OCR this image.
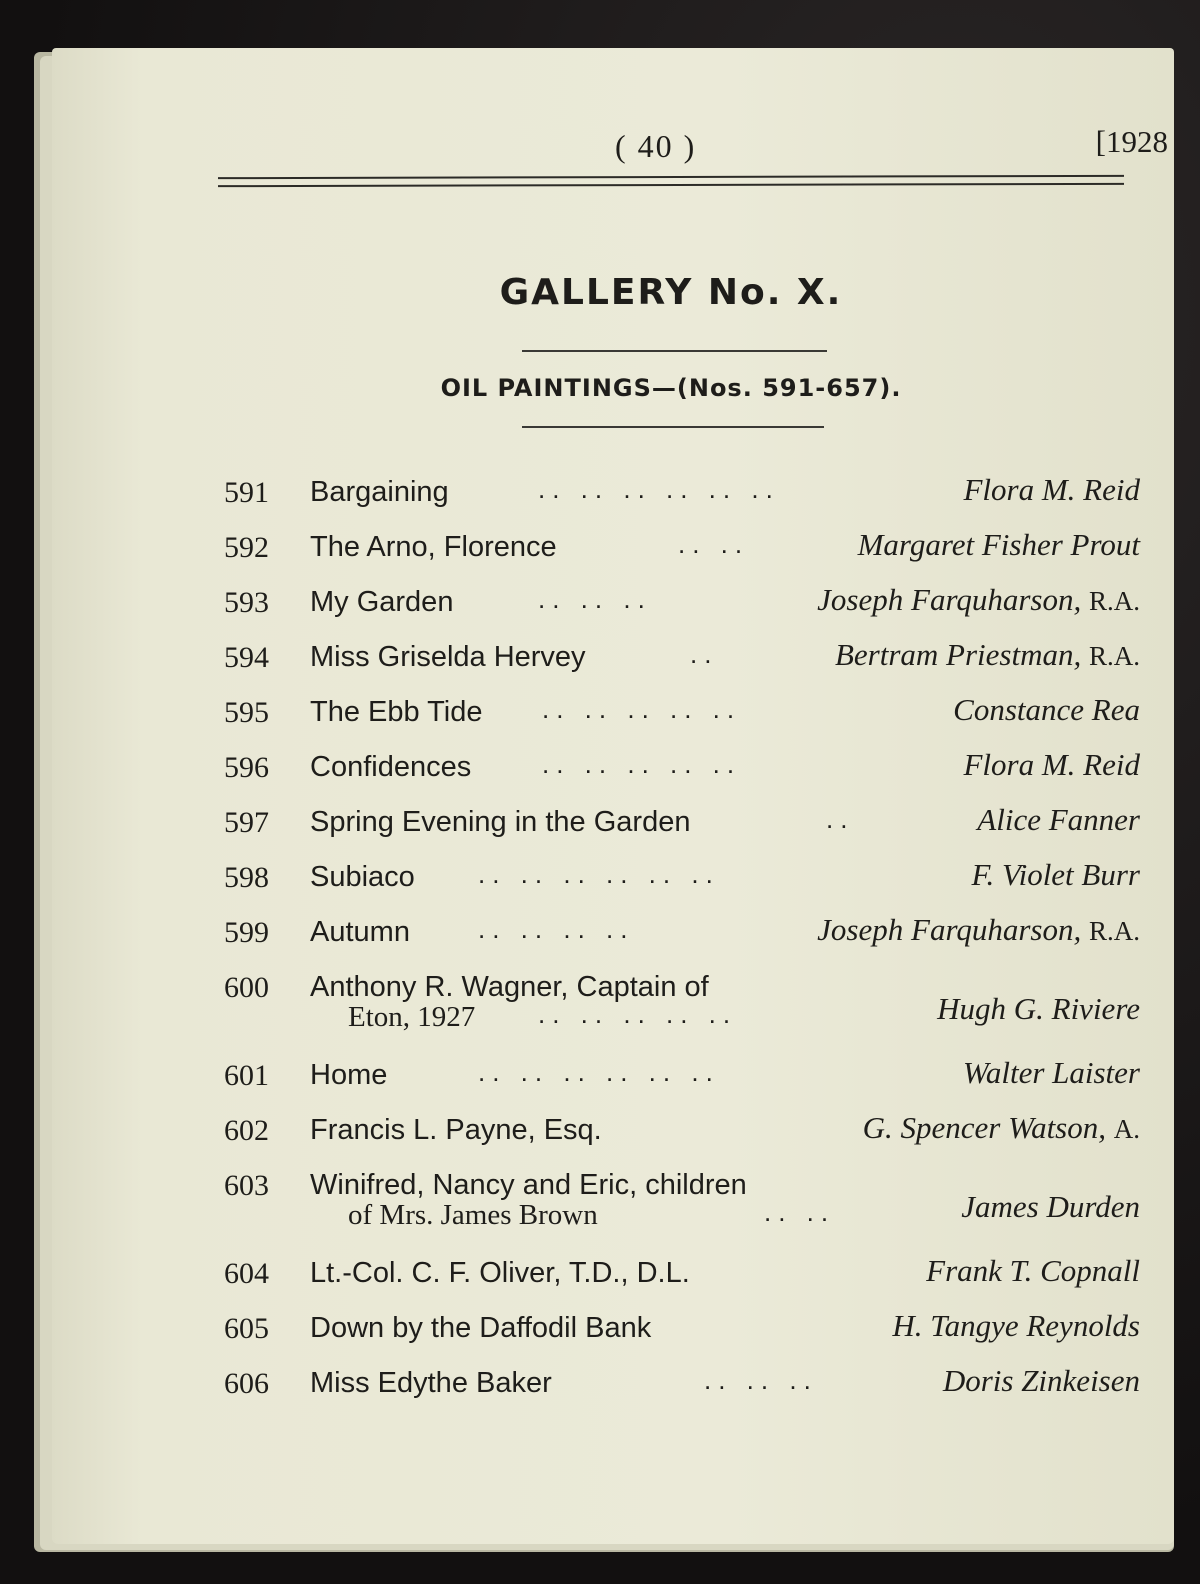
( 40 )	[1928
GALLERY No. X.
OIL PAINTINGS—(Nos. 591-657).
591 Bargaining	.. .. .. .. .. ..	Flora M. Reid
592 The Arno, Florence	.. ..	Margaret Fisher Prout
593 My Garden	.. .. ..	Joseph Farquharson, R.A.
594 Miss Griselda Hervey	..	Bertram Priestman, R.A.
595 The Ebb Tide .. .. .. .. ..	Constance Rea
596 Confidences	.. .. .. .. ..	Flora M. Reid
597 Spring Evening in the Garden	..	Alice Fanner
598 Subiaco .. .. .. .. .. ..	F. Violet Burr
599 Autumn	.. .. .. ..	Joseph Farquharson, R.A.
600 Anthony R. Wagner, Captain of
Eton, 1927 .. .. .. .. ..	Hugh G. Riviere
601 Home	.. .. .. .. .. ..	Walter Laister
602 Francis L. Payne, Esq.	G. Spencer Watson, A.
603 Winifred, Nancy and Eric, children
of Mrs. James Brown	.. ..	James Durden
604 Lt.-Col. C. F. Oliver, T.D., D.L.	Frank T. Copnall
605 Down by the Daffodil Bank	H. Tangye Reynolds
606 Miss Edythe Baker	.. .. ..	Doris Zinkeisen
